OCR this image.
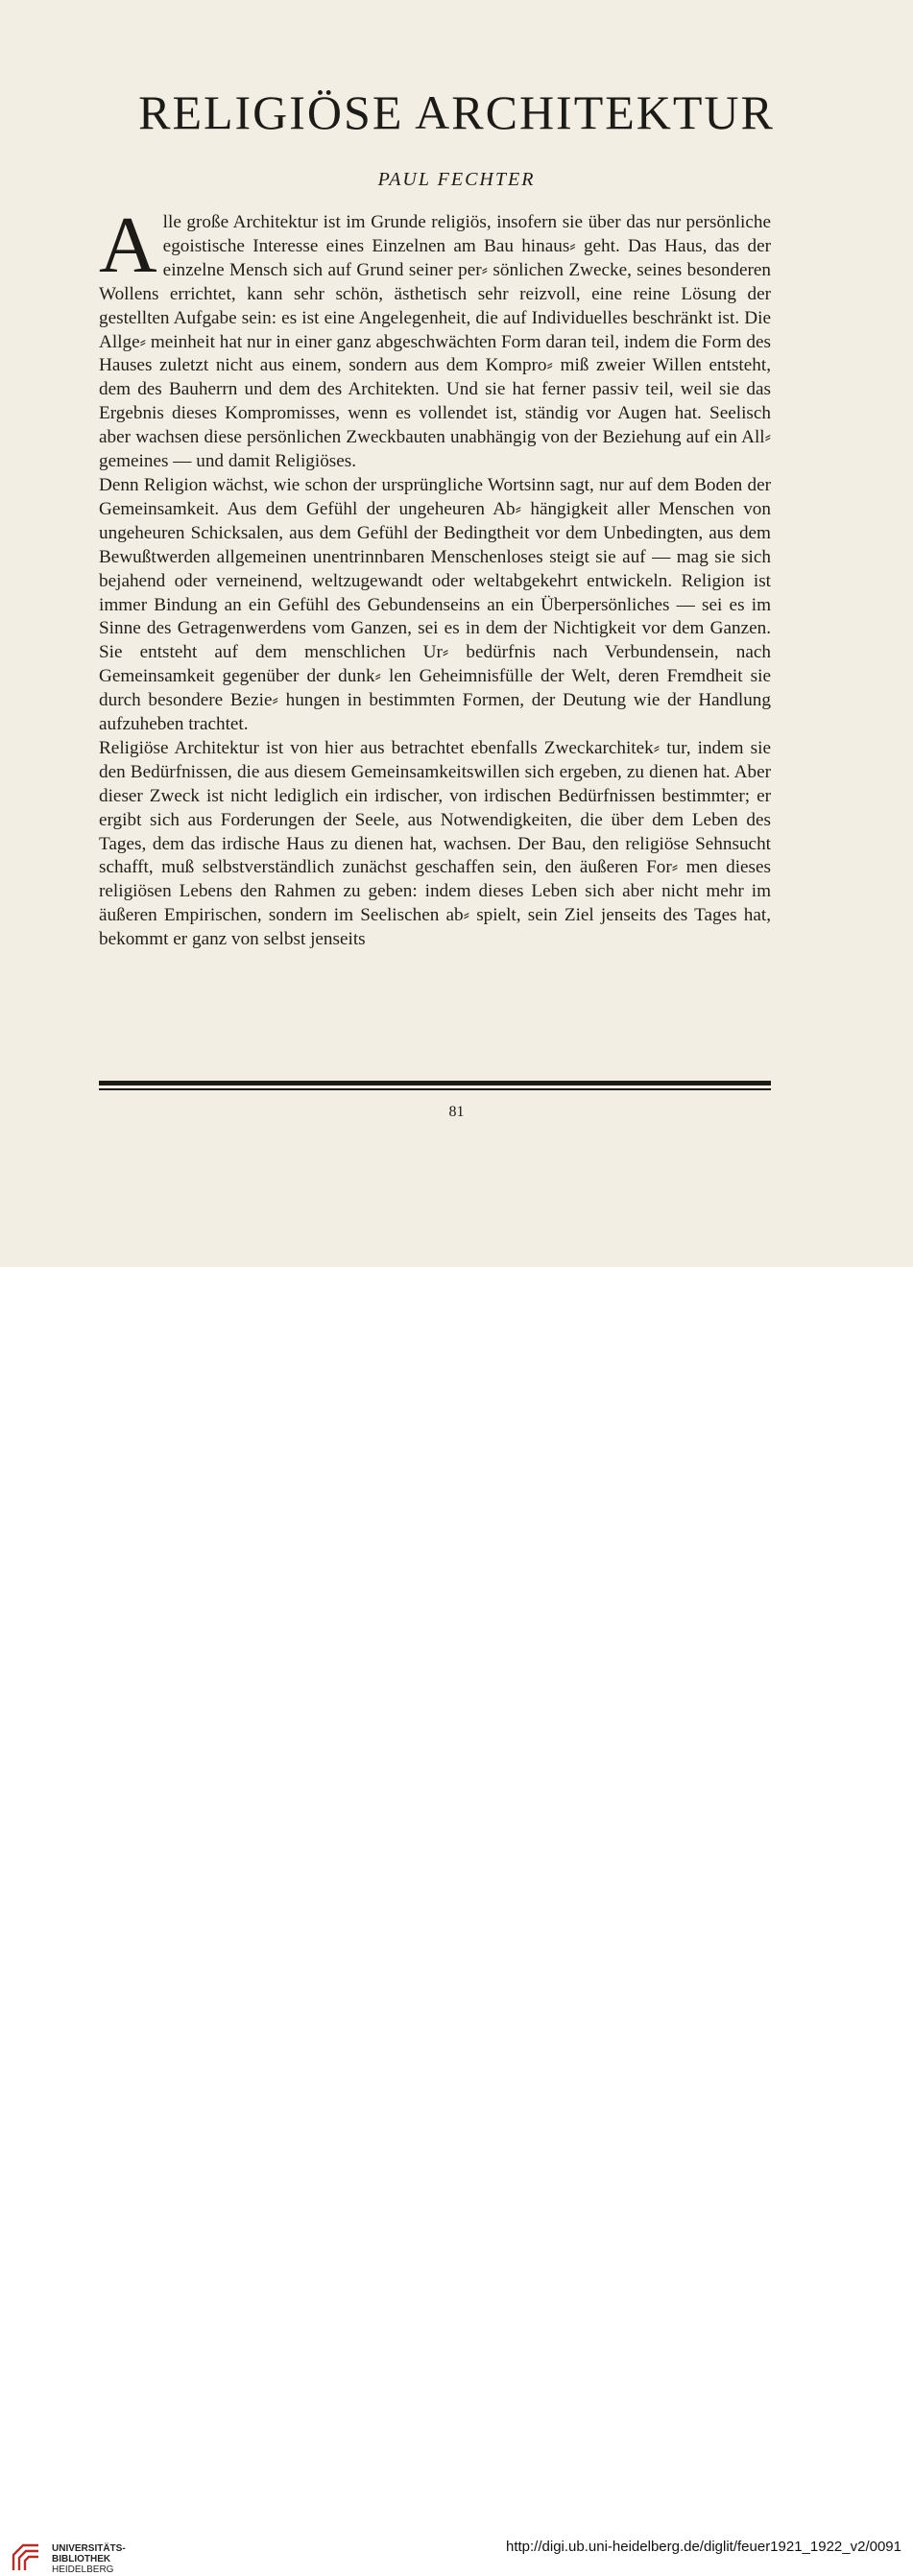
RELIGIÖSE ARCHITEKTUR
PAUL FECHTER

Alle große Architektur ist im Grunde religiös, insofern sie über das nur persönliche egoistische Interesse eines Einzelnen am Bau hinaus⸗ geht. Das Haus, das der einzelne Mensch sich auf Grund seiner per⸗ sönlichen Zwecke, seines besonderen Wollens errichtet, kann sehr schön, ästhetisch sehr reizvoll, eine reine Lösung der gestellten Aufgabe sein: es ist eine Angelegenheit, die auf Individuelles beschränkt ist. Die Allge⸗ meinheit hat nur in einer ganz abgeschwächten Form daran teil, indem die Form des Hauses zuletzt nicht aus einem, sondern aus dem Kompro⸗ miß zweier Willen entsteht, dem des Bauherrn und dem des Architekten. Und sie hat ferner passiv teil, weil sie das Ergebnis dieses Kompromisses, wenn es vollendet ist, ständig vor Augen hat. Seelisch aber wachsen diese persönlichen Zweckbauten unabhängig von der Beziehung auf ein All⸗ gemeines — und damit Religiöses.

Denn Religion wächst, wie schon der ursprüngliche Wortsinn sagt, nur auf dem Boden der Gemeinsamkeit. Aus dem Gefühl der ungeheuren Ab⸗ hängigkeit aller Menschen von ungeheuren Schicksalen, aus dem Gefühl der Bedingtheit vor dem Unbedingten, aus dem Bewußtwerden allgemeinen unentrinnbaren Menschenloses steigt sie auf — mag sie sich bejahend oder verneinend, weltzugewandt oder weltabgekehrt entwickeln. Religion ist immer Bindung an ein Gefühl des Gebundenseins an ein Überpersönliches — sei es im Sinne des Getragenwerdens vom Ganzen, sei es in dem der Nichtigkeit vor dem Ganzen. Sie entsteht auf dem menschlichen Ur⸗ bedürfnis nach Verbundensein, nach Gemeinsamkeit gegenüber der dunk⸗ len Geheimnisfülle der Welt, deren Fremdheit sie durch besondere Bezie⸗ hungen in bestimmten Formen, der Deutung wie der Handlung aufzuheben trachtet.

Religiöse Architektur ist von hier aus betrachtet ebenfalls Zweckarchitek⸗ tur, indem sie den Bedürfnissen, die aus diesem Gemeinsamkeitswillen sich ergeben, zu dienen hat. Aber dieser Zweck ist nicht lediglich ein irdischer, von irdischen Bedürfnissen bestimmter; er ergibt sich aus Forderungen der Seele, aus Notwendigkeiten, die über dem Leben des Tages, dem das irdische Haus zu dienen hat, wachsen. Der Bau, den religiöse Sehnsucht schafft, muß selbstverständlich zunächst geschaffen sein, den äußeren For⸗ men dieses religiösen Lebens den Rahmen zu geben: indem dieses Leben sich aber nicht mehr im äußeren Empirischen, sondern im Seelischen ab⸗ spielt, sein Ziel jenseits des Tages hat, bekommt er ganz von selbst jenseits

81
UNIVERSITÄTS-
BIBLIOTHEK
HEIDELBERG
http://digi.ub.uni-heidelberg.de/diglit/feuer1921_1922_v2/0091
